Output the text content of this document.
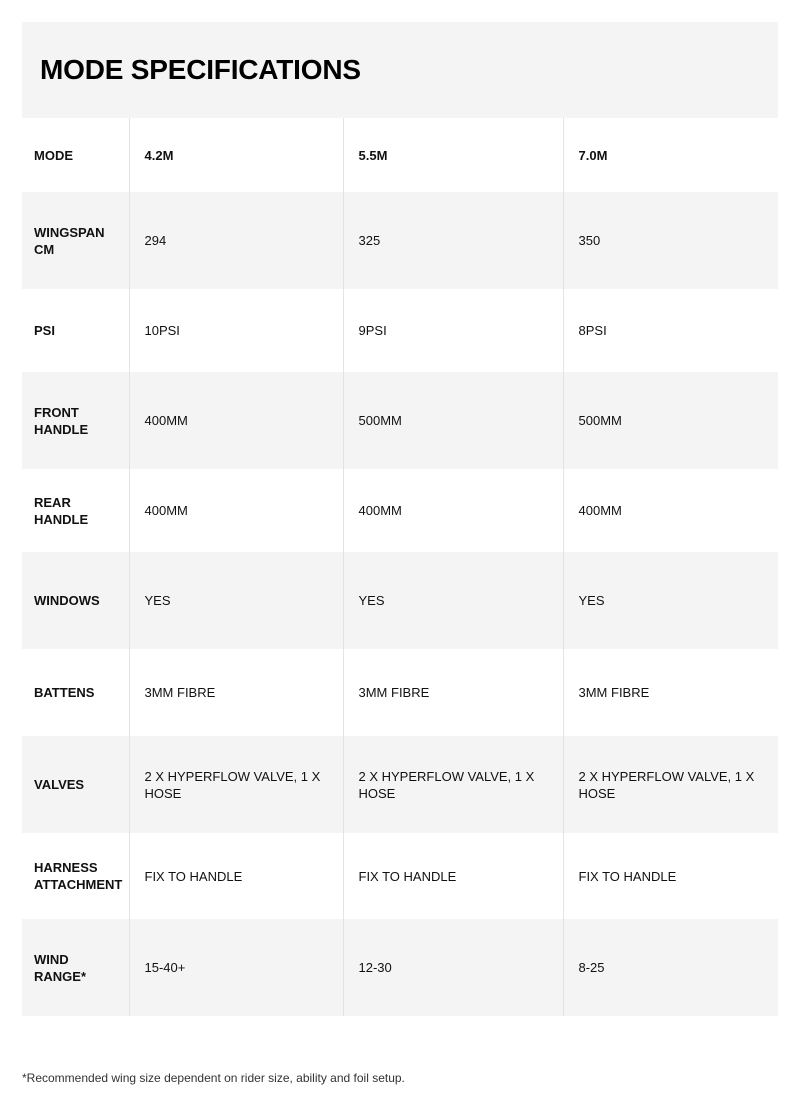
MODE SPECIFICATIONS
MODE	4.2M	5.5M	7.0M
WINGSPAN CM	294	325	350
PSI	10PSI	9PSI	8PSI
FRONT HANDLE	400MM	500MM	500MM
REAR HANDLE	400MM	400MM	400MM
WINDOWS	YES	YES	YES
BATTENS	3MM FIBRE	3MM FIBRE	3MM FIBRE
VALVES	2 X HYPERFLOW VALVE, 1 X HOSE	2 X HYPERFLOW VALVE, 1 X HOSE	2 X HYPERFLOW VALVE, 1 X HOSE
HARNESS ATTACHMENT	FIX TO HANDLE	FIX TO HANDLE	FIX TO HANDLE
WIND RANGE*	15-40+	12-30	8-25
*Recommended wing size dependent on rider size, ability and foil setup.
